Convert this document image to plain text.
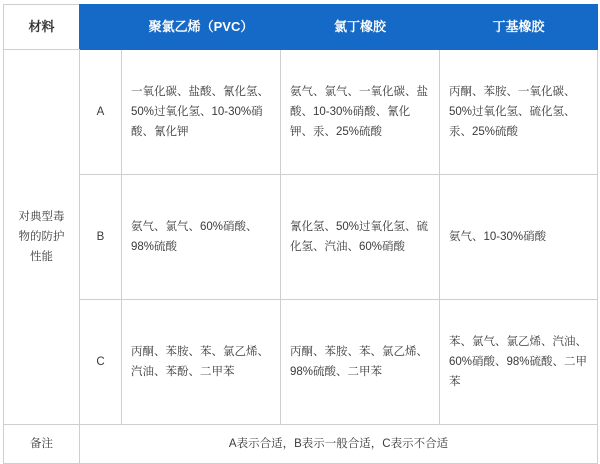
材料		聚氯乙烯（PVC）	氯丁橡胶	丁基橡胶
对典型毒物的防护性能	A	一氧化碳、盐酸、氰化氢、50%过氧化氢、10-30%硝酸、氰化钾	氨气、氯气、一氧化碳、盐酸、10-30%硝酸、氰化钾、汞、25%硫酸	丙酮、苯胺、一氧化碳、50%过氧化氢、硫化氢、汞、25%硫酸
	B	氨气、氯气、60%硝酸、98%硫酸	氰化氢、50%过氧化氢、硫化氢、汽油、60%硝酸	氨气、10-30%硝酸
	C	丙酮、苯胺、苯、氯乙烯、汽油、苯酚、二甲苯	丙酮、苯胺、苯、氯乙烯、98%硫酸、二甲苯	苯、氯气、氯乙烯、汽油、60%硝酸、98%硫酸、二甲苯
备注	A表示合适，B表示一般合适，C表示不合适			
